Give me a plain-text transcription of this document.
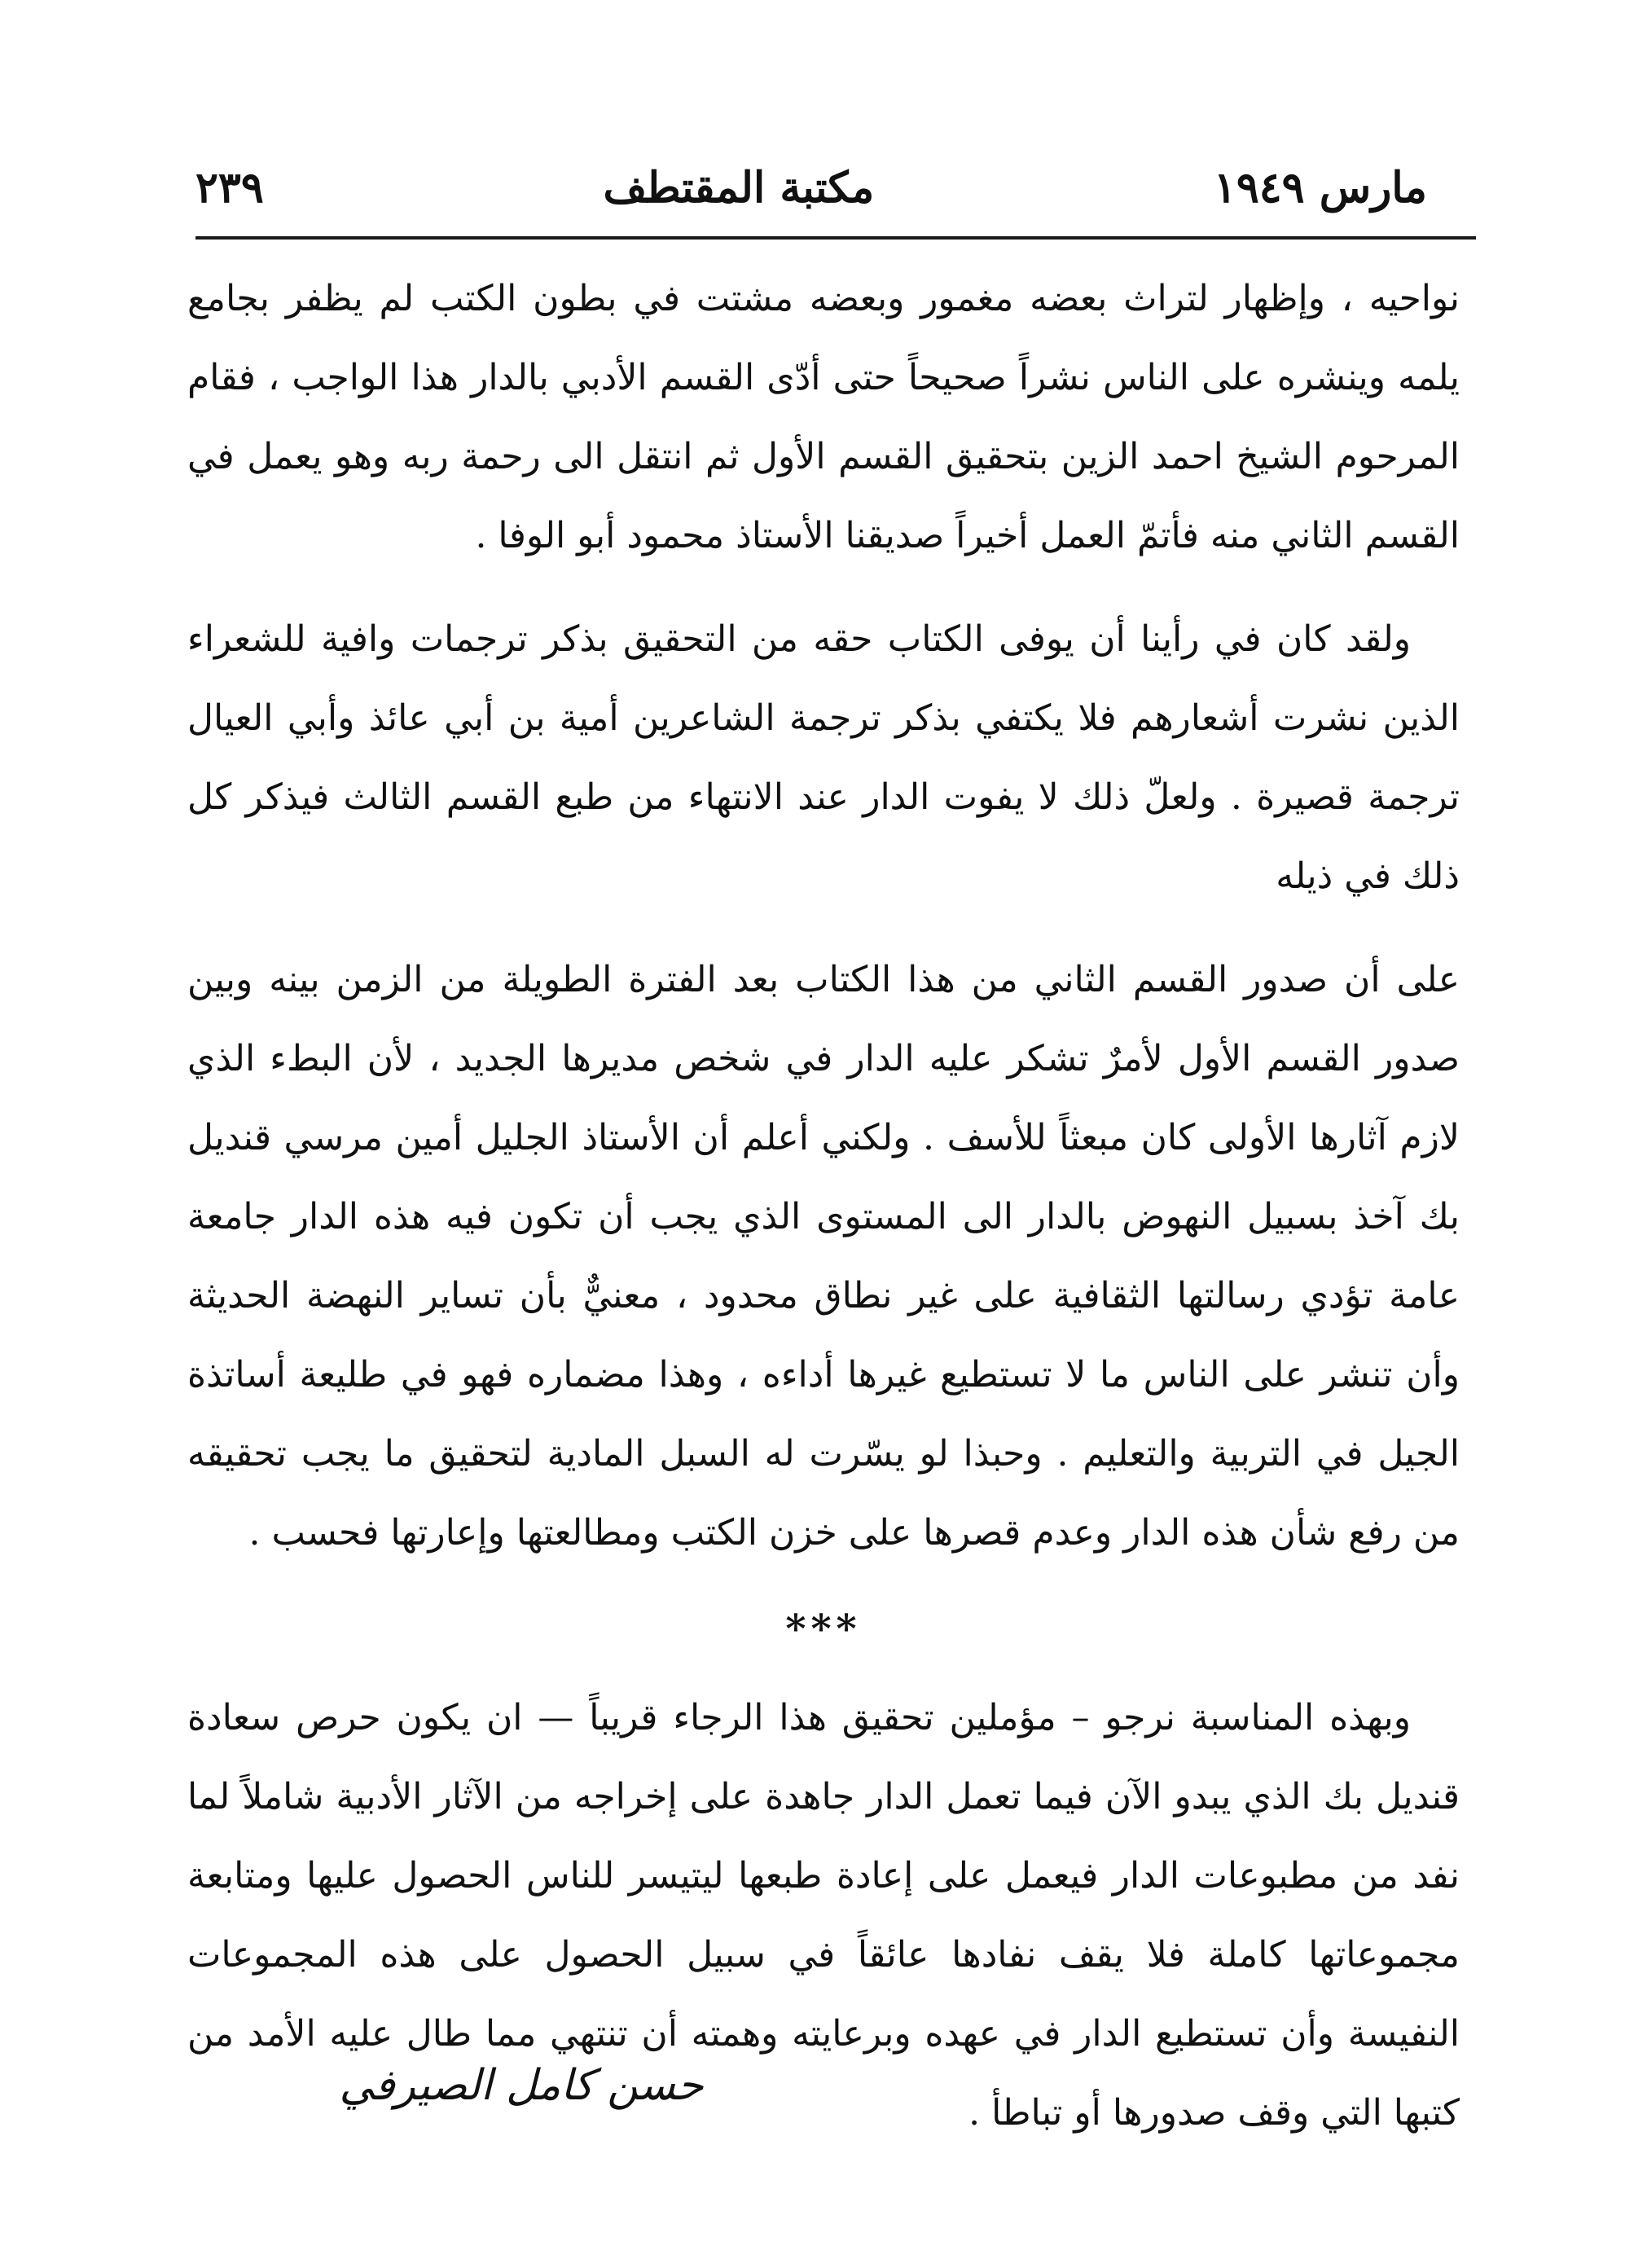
مارس ١٩٤٩
مكتبة المقتطف
٢٣٩

نواحيه ، وإظهار لتراث بعضه مغمور وبعضه مشتت في بطون الكتب لم يظفر بجامع يلمه وينشره على الناس نشراً صحيحاً حتى أدّى القسم الأدبي بالدار هذا الواجب ، فقام المرحوم الشيخ احمد الزين بتحقيق القسم الأول ثم انتقل الى رحمة ربه وهو يعمل في القسم الثاني منه فأتمّ العمل أخيراً صديقنا الأستاذ محمود أبو الوفا .

ولقد كان في رأينا أن يوفى الكتاب حقه من التحقيق بذكر ترجمات وافية للشعراء الذين نشرت أشعارهم فلا يكتفي بذكر ترجمة الشاعرين أمية بن أبي عائذ وأبي العيال ترجمة قصيرة . ولعلّ ذلك لا يفوت الدار عند الانتهاء من طبع القسم الثالث فيذكر كل ذلك في ذيله

على أن صدور القسم الثاني من هذا الكتاب بعد الفترة الطويلة من الزمن بينه وبين صدور القسم الأول لأمرٌ تشكر عليه الدار في شخص مديرها الجديد ، لأن البطء الذي لازم آثارها الأولى كان مبعثاً للأسف . ولكني أعلم أن الأستاذ الجليل أمين مرسي قنديل بك آخذ بسبيل النهوض بالدار الى المستوى الذي يجب أن تكون فيه هذه الدار جامعة عامة تؤدي رسالتها الثقافية على غير نطاق محدود ، معنيٌّ بأن تساير النهضة الحديثة وأن تنشر على الناس ما لا تستطيع غيرها أداءه ، وهذا مضماره فهو في طليعة أساتذة الجيل في التربية والتعليم . وحبذا لو يسّرت له السبل المادية لتحقيق ما يجب تحقيقه من رفع شأن هذه الدار وعدم قصرها على خزن الكتب ومطالعتها وإعارتها فحسب .

***

وبهذه المناسبة نرجو – مؤملين تحقيق هذا الرجاء قريباً — ان يكون حرص سعادة قنديل بك الذي يبدو الآن فيما تعمل الدار جاهدة على إخراجه من الآثار الأدبية شاملاً لما نفد من مطبوعات الدار فيعمل على إعادة طبعها ليتيسر للناس الحصول عليها ومتابعة مجموعاتها كاملة فلا يقف نفادها عائقاً في سبيل الحصول على هذه المجموعات النفيسة وأن تستطيع الدار في عهده وبرعايته وهمته أن تنتهي مما طال عليه الأمد من كتبها التي وقف صدورها أو تباطأ .

حسن كامل الصيرفي
